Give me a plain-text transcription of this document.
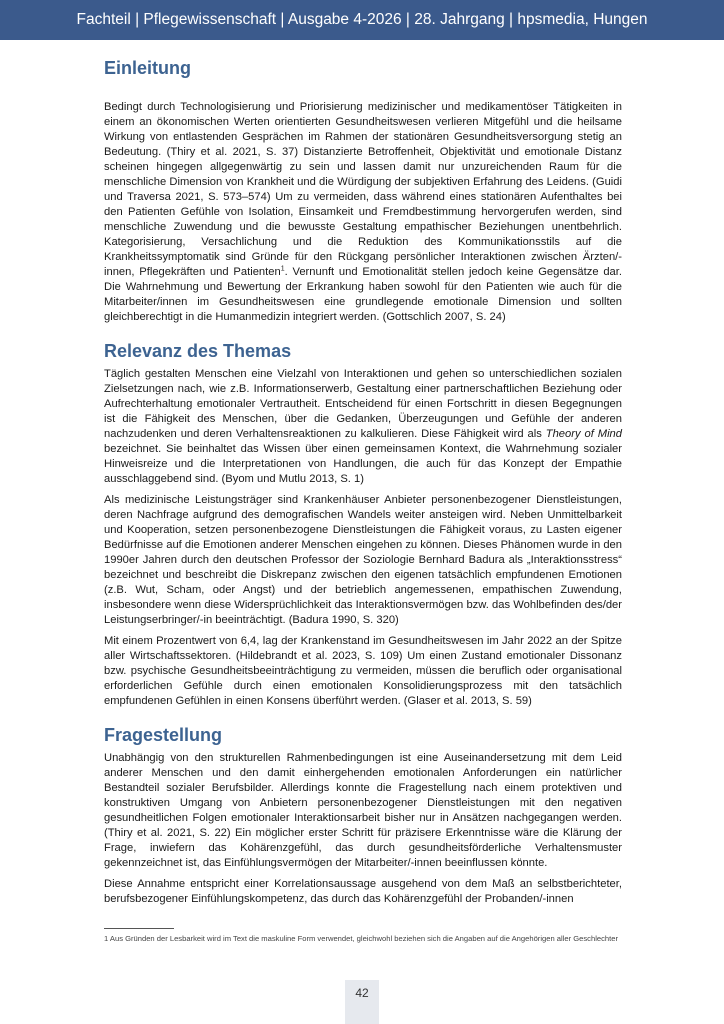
Fachteil | Pflegewissenschaft | Ausgabe 4-2026 | 28. Jahrgang | hpsmedia, Hungen
Einleitung

Bedingt durch Technologisierung und Priorisierung medizinischer und medikamentöser Tätigkeiten in einem an ökonomischen Werten orientierten Gesundheitswesen verlieren Mitgefühl und die heilsame Wirkung von entlastenden Gesprächen im Rahmen der stationären Gesundheitsversorgung stetig an Bedeutung. (Thiry et al. 2021, S. 37) Distanzierte Betroffenheit, Objektivität und emotionale Distanz scheinen hingegen allgegenwärtig zu sein und lassen damit nur unzureichenden Raum für die menschliche Dimension von Krankheit und die Würdigung der subjektiven Erfahrung des Leidens. (Guidi und Traversa 2021, S. 573–574) Um zu vermeiden, dass während eines stationären Aufenthaltes bei den Patienten Gefühle von Isolation, Einsamkeit und Fremdbestimmung hervorgerufen werden, sind menschliche Zuwendung und die bewusste Gestaltung empathischer Beziehungen unentbehrlich. Kategorisierung, Versachlichung und die Reduktion des Kommunikationsstils auf die Krankheitssymptomatik sind Gründe für den Rückgang persönlicher Interaktionen zwischen Ärzten/-innen, Pflegekräften und Patienten$^1$. Vernunft und Emotionalität stellen jedoch keine Gegensätze dar. Die Wahrnehmung und Bewertung der Erkrankung haben sowohl für den Patienten wie auch für die Mitarbeiter/innen im Gesundheitswesen eine grundlegende emotionale Dimension und sollten gleichberechtigt in die Humanmedizin integriert werden. (Gottschlich 2007, S. 24)

Relevanz des Themas

Täglich gestalten Menschen eine Vielzahl von Interaktionen und gehen so unterschiedlichen sozialen Zielsetzungen nach, wie z.B. Informationserwerb, Gestaltung einer partnerschaftlichen Beziehung oder Aufrechterhaltung emotionaler Vertrautheit. Entscheidend für einen Fortschritt in diesen Begegnungen ist die Fähigkeit des Menschen, über die Gedanken, Überzeugungen und Gefühle der anderen nachzudenken und deren Verhaltensreaktionen zu kalkulieren. Diese Fähigkeit wird als Theory of Mind bezeichnet. Sie beinhaltet das Wissen über einen gemeinsamen Kontext, die Wahrnehmung sozialer Hinweisreize und die Interpretationen von Handlungen, die auch für das Konzept der Empathie ausschlaggebend sind. (Byom und Mutlu 2013, S. 1)

Als medizinische Leistungsträger sind Krankenhäuser Anbieter personenbezogener Dienstleistungen, deren Nachfrage aufgrund des demografischen Wandels weiter ansteigen wird. Neben Unmittelbarkeit und Kooperation, setzen personenbezogene Dienstleistungen die Fähigkeit voraus, zu Lasten eigener Bedürfnisse auf die Emotionen anderer Menschen eingehen zu können. Dieses Phänomen wurde in den 1990er Jahren durch den deutschen Professor der Soziologie Bernhard Badura als „Interaktionsstress“ bezeichnet und beschreibt die Diskrepanz zwischen den eigenen tatsächlich empfundenen Emotionen (z.B. Wut, Scham, oder Angst) und der betrieblich angemessenen, empathischen Zuwendung, insbesondere wenn diese Widersprüchlichkeit das Interaktionsvermögen bzw. das Wohlbefinden des/der Leistungserbringer/-in beeinträchtigt. (Badura 1990, S. 320)

Mit einem Prozentwert von 6,4, lag der Krankenstand im Gesundheitswesen im Jahr 2022 an der Spitze aller Wirtschaftssektoren. (Hildebrandt et al. 2023, S. 109) Um einen Zustand emotionaler Dissonanz bzw. psychische Gesundheitsbeeinträchtigung zu vermeiden, müssen die beruflich oder organisational erforderlichen Gefühle durch einen emotionalen Konsolidierungsprozess mit den tatsächlich empfundenen Gefühlen in einen Konsens überführt werden. (Glaser et al. 2013, S. 59)

Fragestellung

Unabhängig von den strukturellen Rahmenbedingungen ist eine Auseinandersetzung mit dem Leid anderer Menschen und den damit einhergehenden emotionalen Anforderungen ein natürlicher Bestandteil sozialer Berufsbilder. Allerdings konnte die Fragestellung nach einem protektiven und konstruktiven Umgang von Anbietern personenbezogener Dienstleistungen mit den negativen gesundheitlichen Folgen emotionaler Interaktionsarbeit bisher nur in Ansätzen nachgegangen werden. (Thiry et al. 2021, S. 22) Ein möglicher erster Schritt für präzisere Erkenntnisse wäre die Klärung der Frage, inwiefern das Kohärenzgefühl, das durch gesundheitsförderliche Verhaltensmuster gekennzeichnet ist, das Einfühlungsvermögen der Mitarbeiter/-innen beeinflussen könnte.

Diese Annahme entspricht einer Korrelationsaussage ausgehend von dem Maß an selbstberichteter, berufsbezogener Einfühlungskompetenz, das durch das Kohärenzgefühl der Probanden/-innen

1 Aus Gründen der Lesbarkeit wird im Text die maskuline Form verwendet, gleichwohl beziehen sich die Angaben auf die Angehörigen aller Geschlechter
42
